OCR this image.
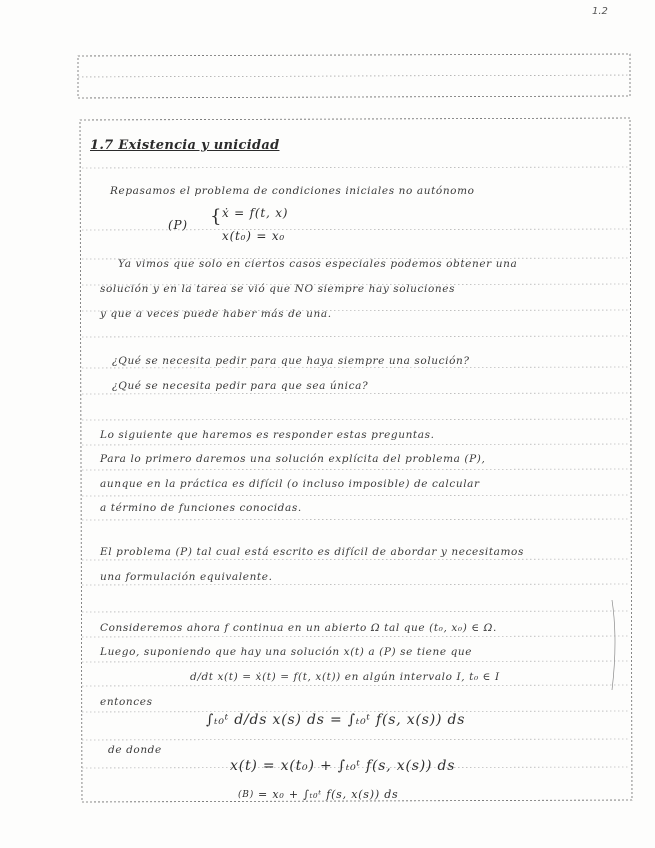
1.2
1.7 Existencia y unicidad
Repasamos el problema de condiciones iniciales no autónomo
(P) { ẋ = f(t, x)
x(t₀) = x₀
Ya vimos que solo en ciertos casos especiales podemos obtener una
solución y en la tarea se vió que NO siempre hay soluciones
y que a veces puede haber más de una.
¿Qué se necesita pedir para que haya siempre una solución?
¿Qué se necesita pedir para que sea única?
Lo siguiente que haremos es responder estas preguntas.
Para lo primero daremos una solución explícita del problema (P),
aunque en la práctica es difícil (o incluso imposible) de calcular
a término de funciones conocidas.
El problema (P) tal cual está escrito es difícil de abordar y necesitamos
una formulación equivalente.
Consideremos ahora f continua en un abierto Ω tal que (t₀, x₀) ∈ Ω.
Luego, suponiendo que hay una solución x(t) a (P) se tiene que
d/dt x(t) = ẋ(t) = f(t, x(t)) en algún intervalo I, t₀ ∈ I
entonces
∫ₜ₀ᵗ d/ds x(s) ds = ∫ₜ₀ᵗ f(s, x(s)) ds
de donde
x(t) = x(t₀) + ∫ₜ₀ᵗ f(s, x(s)) ds
= x₀ + ∫ₜ₀ᵗ f(s, x(s)) ds
(B)
